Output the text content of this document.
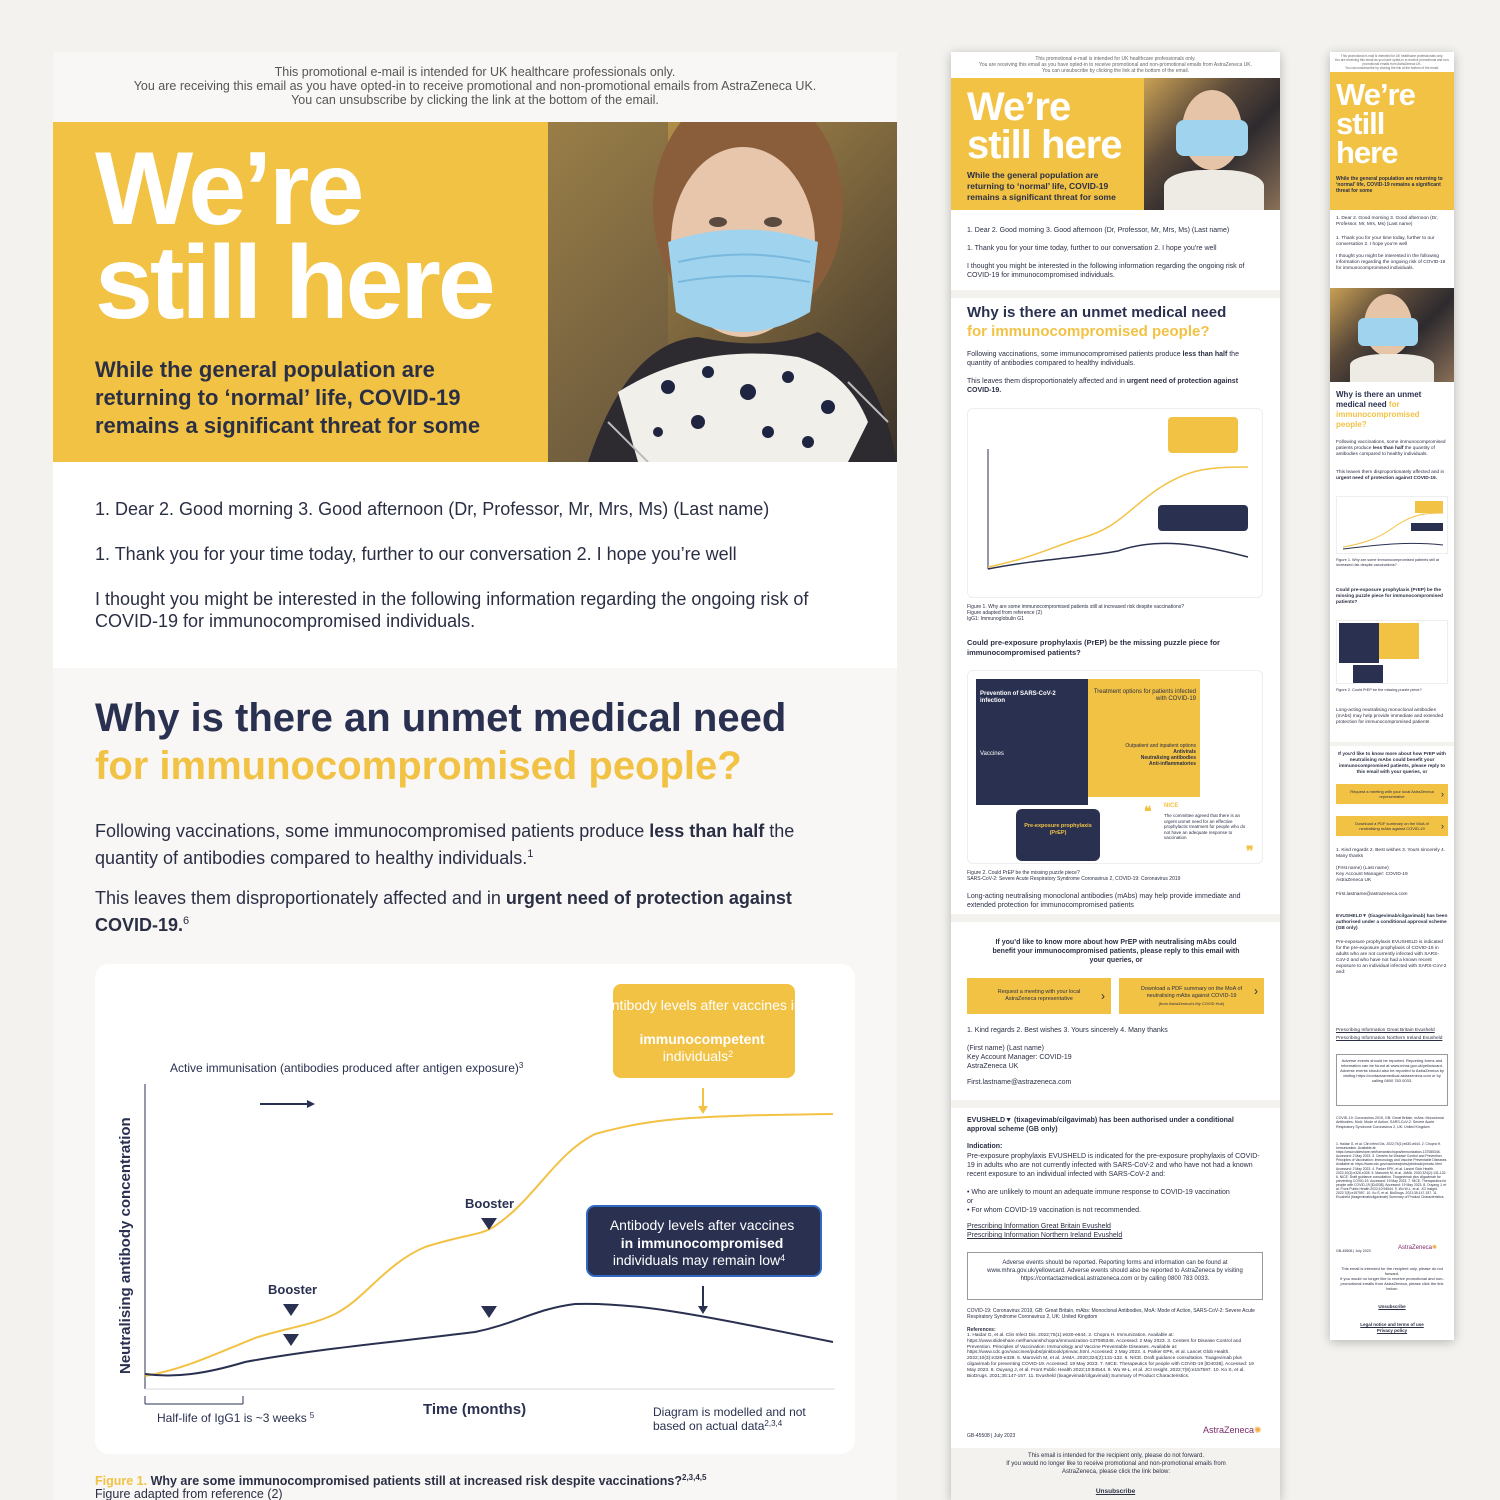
This promotional e-mail is intended for UK healthcare professionals only.
You are receiving this email as you have opted-in to receive promotional and non-promotional emails from AstraZeneca UK.
You can unsubscribe by clicking the link at the bottom of the email.
We’re
still here
While the general population are returning to ‘normal’ life, COVID-19 remains a significant threat for some

1. Dear 2. Good morning 3. Good afternoon (Dr, Professor, Mr, Mrs, Ms) (Last name)

1. Thank you for your time today, further to our conversation 2. I hope you’re well

I thought you might be interested in the following information regarding the ongoing risk of COVID-19 for immunocompromised individuals.

Why is there an unmet medical need
for immunocompromised people?
Following vaccinations, some immunocompromised patients produce less than half the quantity of antibodies compared to healthy individuals.$^1$
This leaves them disproportionately affected and in urgent need of protection against COVID-19.$^6$
Neutralising antibody concentration
Time (months)
Active immunisation (antibodies produced after antigen exposure)$^3$
Booster
Booster
Antibody levels after vaccines in immunocompetent individuals$^2$
Antibody levels after vaccines in immunocompromised individuals may remain low$^4$
Half-life of IgG1 is ~3 weeks $^5$	Diagram is modelled and not based on actual data$^{2,3,4}$
Figure 1. Why are some immunocompromised patients still at increased risk despite vaccinations?$^{2,3,4,5}$
Figure adapted from reference (2)
This promotional e-mail is intended for UK healthcare professionals only.
You are receiving this email as you have opted-in to receive promotional and non-promotional emails from AstraZeneca UK.
You can unsubscribe by clicking the link at the bottom of the email.
We’re
still here
While the general population are returning to ‘normal’ life, COVID-19 remains a significant threat for some
1. Dear 2. Good morning 3. Good afternoon (Dr, Professor, Mr, Mrs, Ms) (Last name)
1. Thank you for your time today, further to our conversation 2. I hope you’re well
I thought you might be interested in the following information regarding the ongoing risk of COVID-19 for immunocompromised individuals.
Why is there an unmet medical need
for immunocompromised people?
Following vaccinations, some immunocompromised patients produce less than half the quantity of antibodies compared to healthy individuals.
This leaves them disproportionately affected and in urgent need of protection against COVID-19.
Figure 1. Why are some immunocompromised patients still at increased risk despite vaccinations?
Figure adapted from reference (2)
IgG1: Immunoglobulin G1
Could pre-exposure prophylaxis (PrEP) be the missing puzzle piece for immunocompromised patients?
Prevention of SARS-CoV-2 infection
Treatment options for patients infected with COVID-19
Vaccines
Outpatient and inpatient options
Antivirals
Neutralising antibodies
Anti-inflammatories
Pre-exposure prophylaxis (PrEP)
NICE
❝	The committee agreed that there is an urgent unmet need for an effective prophylactic treatment for people who do not have an adequate response to vaccination
❞
Figure 2. Could PrEP be the missing puzzle piece?
SARS-CoV-2: Severe Acute Respiratory Syndrome Coronavirus 2, COVID-19: Coronavirus 2019
Long-acting neutralising monoclonal antibodies (mAbs) may help provide immediate and extended protection for immunocompromised patients
If you’d like to know more about how PrEP with neutralising mAbs could benefit your immunocompromised patients, please reply to this email with your queries, or
Request a meeting with your local AstraZeneca representative	›	Download a PDF summary on the MoA of neutralising mAbs against COVID-19
(from AstraZeneca's My COVID Hub)
›
1. Kind regards 2. Best wishes 3. Yours sincerely 4. Many thanks
(First name) (Last name)
Key Account Manager: COVID-19
AstraZeneca UK
First.lastname@astrazeneca.com
EVUSHELD▼ (tixagevimab/cilgavimab) has been authorised under a conditional approval scheme (GB only)
Indication:
Pre-exposure prophylaxis EVUSHELD is indicated for the pre-exposure prophylaxis of COVID-19 in adults who are not currently infected with SARS-CoV-2 and who have not had a known recent exposure to an individual infected with SARS-CoV-2 and:
• Who are unlikely to mount an adequate immune response to COVID-19 vaccination
or
• For whom COVID-19 vaccination is not recommended.
Prescribing Information Great Britain Evusheld
Prescribing Information Northern Ireland Evusheld
Adverse events should be reported. Reporting forms and information can be found at www.mhra.gov.uk/yellowcard. Adverse events should also be reported to AstraZeneca by visiting https://contactazmedical.astrazeneca.com or by calling 0800 783 0033.
COVID-19: Coronavirus 2019, GB: Great Britain, mAbs: Monoclonal Antibodies, MoA: Mode of Action, SARS-CoV-2: Severe Acute Respiratory Syndrome Coronavirus 2, UK: United Kingdom
References:
1. Haidar G, et al. Clin Infect Dis. 2022;75(1):e630-e644. 2. Chopra H. Immunization. Available at: https://www.slideshare.net/harvanshchopra/immunization-137085346. Accessed: 2 May 2023. 3. Centers for Disease Control and Prevention. Principles of Vaccination: Immunology and Vaccine Preventable Diseases. Available at: https://www.cdc.gov/vaccines/pubs/pinkbook/prinvac.html. Accessed: 2 May 2023. 4. Parker EPK, et al. Lancet Glob Health. 2022;10(3):e326-e328. 5. Marovich M, et al. JAMA. 2020;324(2):131-132. 6. NICE. Draft guidance consultation. Tixagevimab plus cilgavimab for preventing COVID-19. Accessed: 19 May 2023. 7. NICE. Therapeutics for people with COVID-19 [ID4038]. Accessed: 19 May 2023. 8. Ouyang J, et al. Front Public Health 2022;10:94544. 9. Wu W-L, et al. JCI Insight. 2022;7(8):e157597. 10. Ko S, et al. BioDrugs. 2021;35:147-157. 11. Evusheld (tixagevimab/cilgavimab) Summary of Product Characteristics.
GB-45508 | July 2023
AstraZeneca✺
This email is intended for the recipient only, please do not forward.
If you would no longer like to receive promotional and non-promotional emails from AstraZeneca, please click the link below:
Unsubscribe
This promotional e-mail is intended for UK healthcare professionals only.
You are receiving this email as you have opted-in to receive promotional and non-promotional emails from AstraZeneca UK.
You can unsubscribe by clicking the link at the bottom of the email.
We’re
still
here
While the general population are returning to ‘normal’ life, COVID-19 remains a significant threat for some
1. Dear 2. Good morning 3. Good afternoon (Dr, Professor, Mr, Mrs, Ms) (Last name)
1. Thank you for your time today, further to our conversation 2. I hope you’re well
I thought you might be interested in the following information regarding the ongoing risk of COVID-19 for immunocompromised individuals.
Why is there an unmet medical need for immunocompromised people?
Following vaccinations, some immunocompromised patients produce less than half the quantity of antibodies compared to healthy individuals.
This leaves them disproportionately affected and in urgent need of protection against COVID-19.
Figure 1. Why are some immunocompromised patients still at increased risk despite vaccinations?
Could pre-exposure prophylaxis (PrEP) be the missing puzzle piece for immunocompromised patients?
Figure 2. Could PrEP be the missing puzzle piece?
Long-acting neutralising monoclonal antibodies (mAbs) may help provide immediate and extended protection for immunocompromised patients
If you’d like to know more about how PrEP with neutralising mAbs could benefit your immunocompromised patients, please reply to this email with your queries, or
Request a meeting with your local AstraZeneca representative	›
Download a PDF summary on the MoA of neutralising mAbs against COVID-19	›
1. Kind regards 2. Best wishes 3. Yours sincerely 4. Many thanks
(First name) (Last name)
Key Account Manager: COVID-19
AstraZeneca UK
First.lastname@astrazeneca.com
EVUSHELD▼ (tixagevimab/cilgavimab) has been authorised under a conditional approval scheme (GB only)
Pre-exposure prophylaxis EVUSHELD is indicated for the pre-exposure prophylaxis of COVID-19 in adults who are not currently infected with SARS-CoV-2 and who have not had a known recent exposure to an individual infected with SARS-CoV-2 and:
Prescribing Information Great Britain Evusheld
Prescribing Information Northern Ireland Evusheld
Adverse events should be reported. Reporting forms and information can be found at www.mhra.gov.uk/yellowcard. Adverse events should also be reported to AstraZeneca by visiting https://contactazmedical.astrazeneca.com or by calling 0800 783 0033.
COVID-19: Coronavirus 2019, GB: Great Britain, mAbs: Monoclonal Antibodies, MoA: Mode of Action, SARS-CoV-2: Severe Acute Respiratory Syndrome Coronavirus 2, UK: United Kingdom
1. Haidar G, et al. Clin Infect Dis. 2022;75(1):e630-e644. 2. Chopra H. Immunization. Available at: https://www.slideshare.net/harvanshchopra/immunization-137085346. Accessed: 2 May 2023. 3. Centers for Disease Control and Prevention. Principles of Vaccination: Immunology and Vaccine Preventable Diseases. Available at: https://www.cdc.gov/vaccines/pubs/pinkbook/prinvac.html. Accessed: 2 May 2023. 4. Parker EPK, et al. Lancet Glob Health. 2022;10(3):e326-e328. 5. Marovich M, et al. JAMA. 2020;324(2):131-132. 6. NICE. Draft guidance consultation. Tixagevimab plus cilgavimab for preventing COVID-19. Accessed: 19 May 2023. 7. NICE. Therapeutics for people with COVID-19 [ID4038]. Accessed: 19 May 2023. 8. Ouyang J, et al. Front Public Health 2022;10:94544. 9. Wu W-L, et al. JCI Insight. 2022;7(8):e157597. 10. Ko S, et al. BioDrugs. 2021;35:147-157. 11. Evusheld (tixagevimab/cilgavimab) Summary of Product Characteristics.
GB-45508 | July 2023	AstraZeneca✺
This email is intended for the recipient only, please do not forward.
If you would no longer like to receive promotional and non-promotional emails from AstraZeneca, please click the link below:
Unsubscribe
Legal notice and terms of use
Privacy policy
